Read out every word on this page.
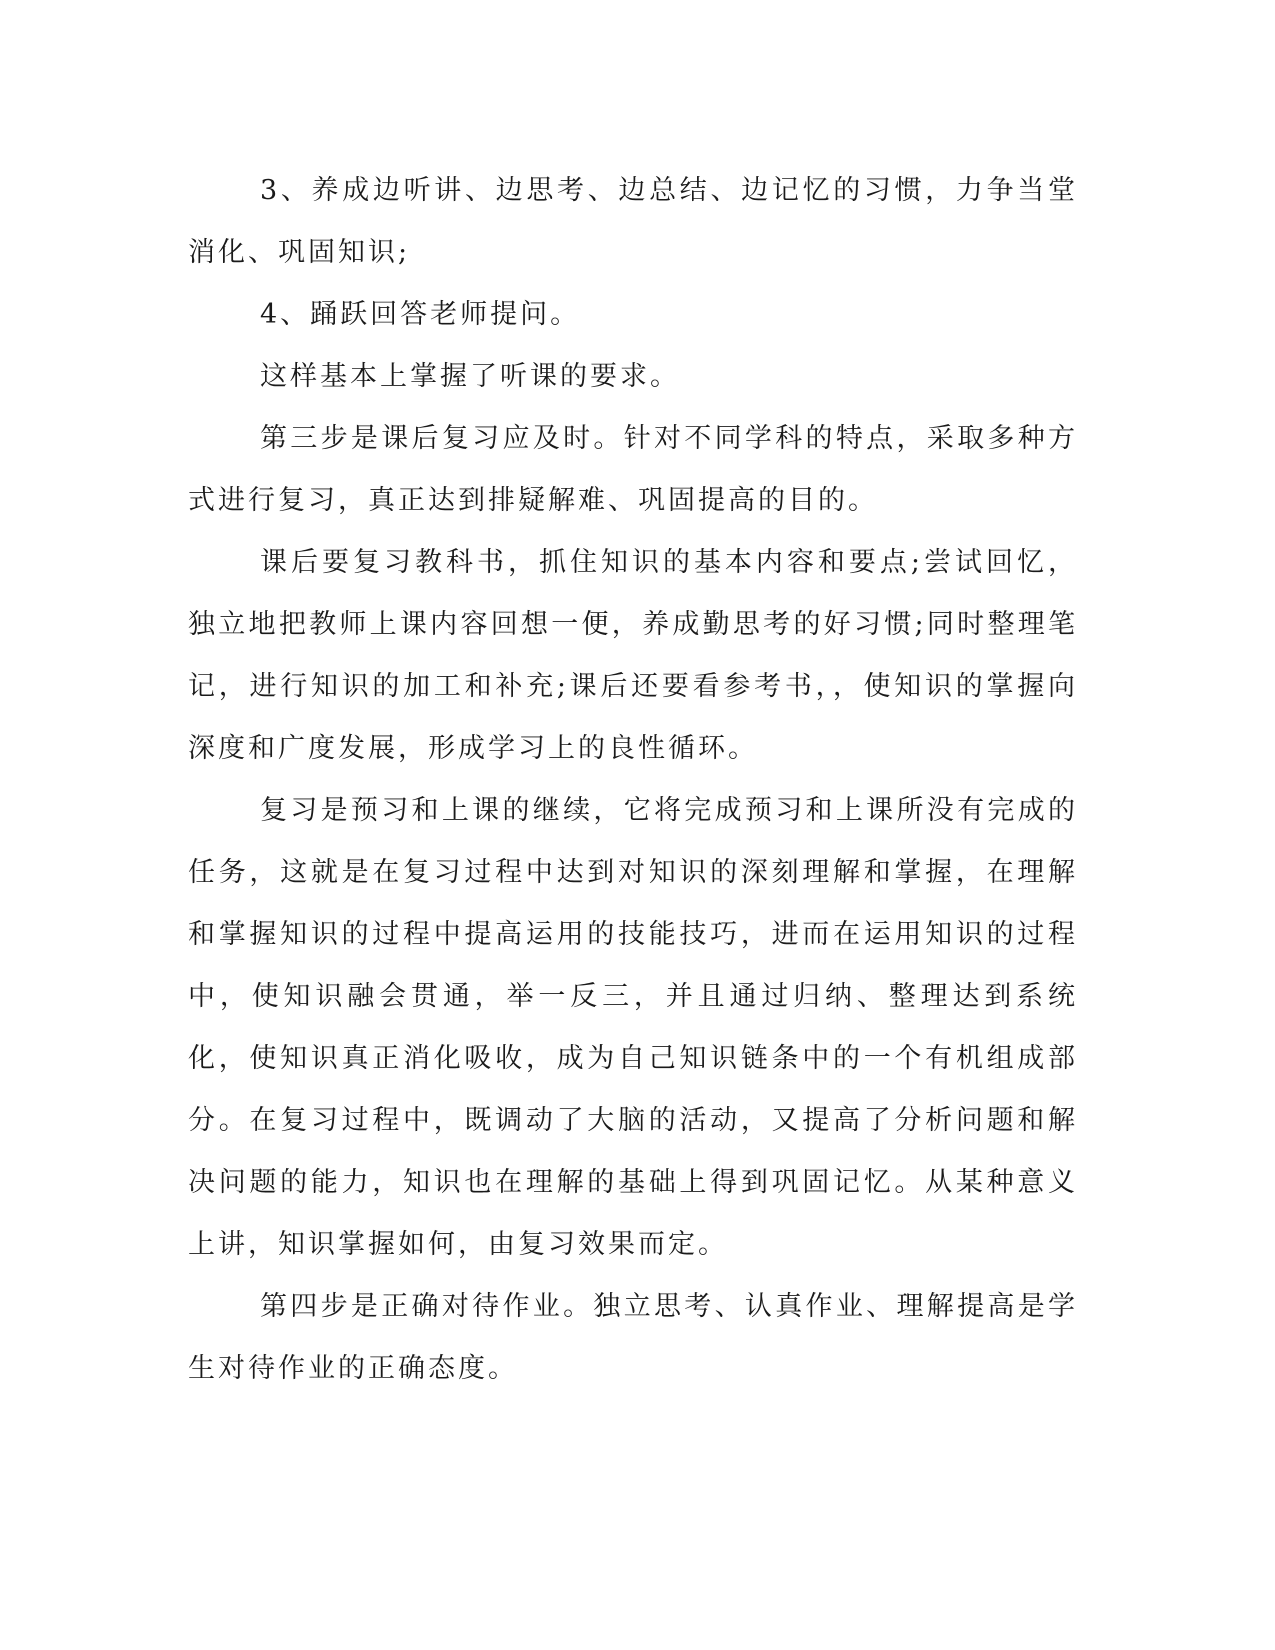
3、养成边听讲、边思考、边总结、边记忆的习惯，力争当堂消化、巩固知识;

4、踊跃回答老师提问。

这样基本上掌握了听课的要求。

第三步是课后复习应及时。针对不同学科的特点，采取多种方式进行复习，真正达到排疑解难、巩固提高的目的。

课后要复习教科书，抓住知识的基本内容和要点;尝试回忆，独立地把教师上课内容回想一便，养成勤思考的好习惯;同时整理笔记，进行知识的加工和补充;课后还要看参考书，，使知识的掌握向深度和广度发展，形成学习上的良性循环。

复习是预习和上课的继续，它将完成预习和上课所没有完成的任务，这就是在复习过程中达到对知识的深刻理解和掌握，在理解和掌握知识的过程中提高运用的技能技巧，进而在运用知识的过程中，使知识融会贯通，举一反三，并且通过归纳、整理达到系统化，使知识真正消化吸收，成为自己知识链条中的一个有机组成部分。在复习过程中，既调动了大脑的活动，又提高了分析问题和解决问题的能力，知识也在理解的基础上得到巩固记忆。从某种意义上讲，知识掌握如何，由复习效果而定。

第四步是正确对待作业。独立思考、认真作业、理解提高是学生对待作业的正确态度。
